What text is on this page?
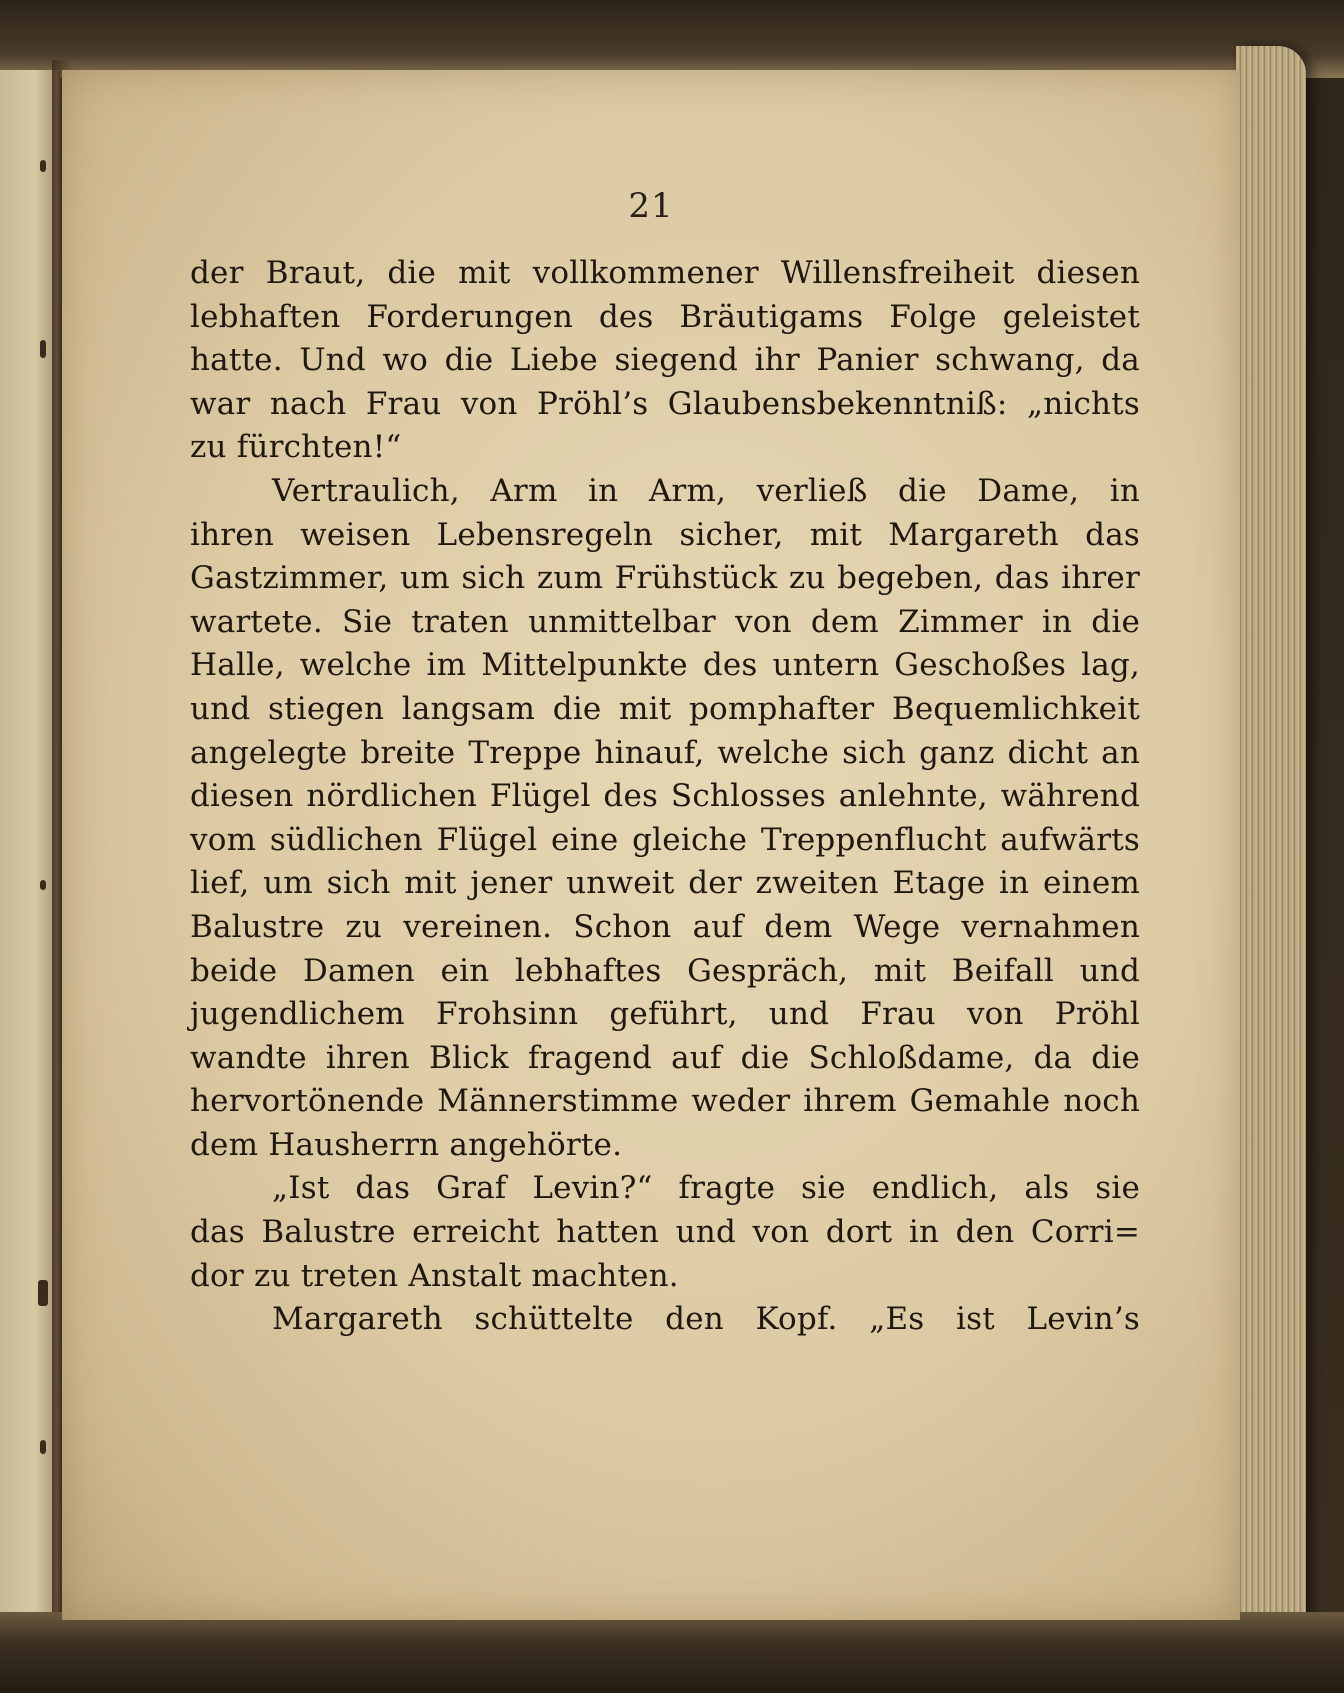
21
der Braut, die mit vollkommener Willensfreiheit diesen
lebhaften Forderungen des Bräutigams Folge geleistet
hatte. Und wo die Liebe siegend ihr Panier schwang, da
war nach Frau von Pröhl’s Glaubensbekenntniß: „nichts
zu fürchten!“
Vertraulich, Arm in Arm, verließ die Dame, in
ihren weisen Lebensregeln sicher, mit Margareth das
Gastzimmer, um sich zum Frühstück zu begeben, das ihrer
wartete. Sie traten unmittelbar von dem Zimmer in die
Halle, welche im Mittelpunkte des untern Geschoßes lag,
und stiegen langsam die mit pomphafter Bequemlichkeit
angelegte breite Treppe hinauf, welche sich ganz dicht an
diesen nördlichen Flügel des Schlosses anlehnte, während
vom südlichen Flügel eine gleiche Treppenflucht aufwärts
lief, um sich mit jener unweit der zweiten Etage in einem
Balustre zu vereinen. Schon auf dem Wege vernahmen
beide Damen ein lebhaftes Gespräch, mit Beifall und
jugendlichem Frohsinn geführt, und Frau von Pröhl
wandte ihren Blick fragend auf die Schloßdame, da die
hervortönende Männerstimme weder ihrem Gemahle noch
dem Hausherrn angehörte.
„Ist das Graf Levin?“ fragte sie endlich, als sie
das Balustre erreicht hatten und von dort in den Corri=
dor zu treten Anstalt machten.
Margareth schüttelte den Kopf. „Es ist Levin’s
